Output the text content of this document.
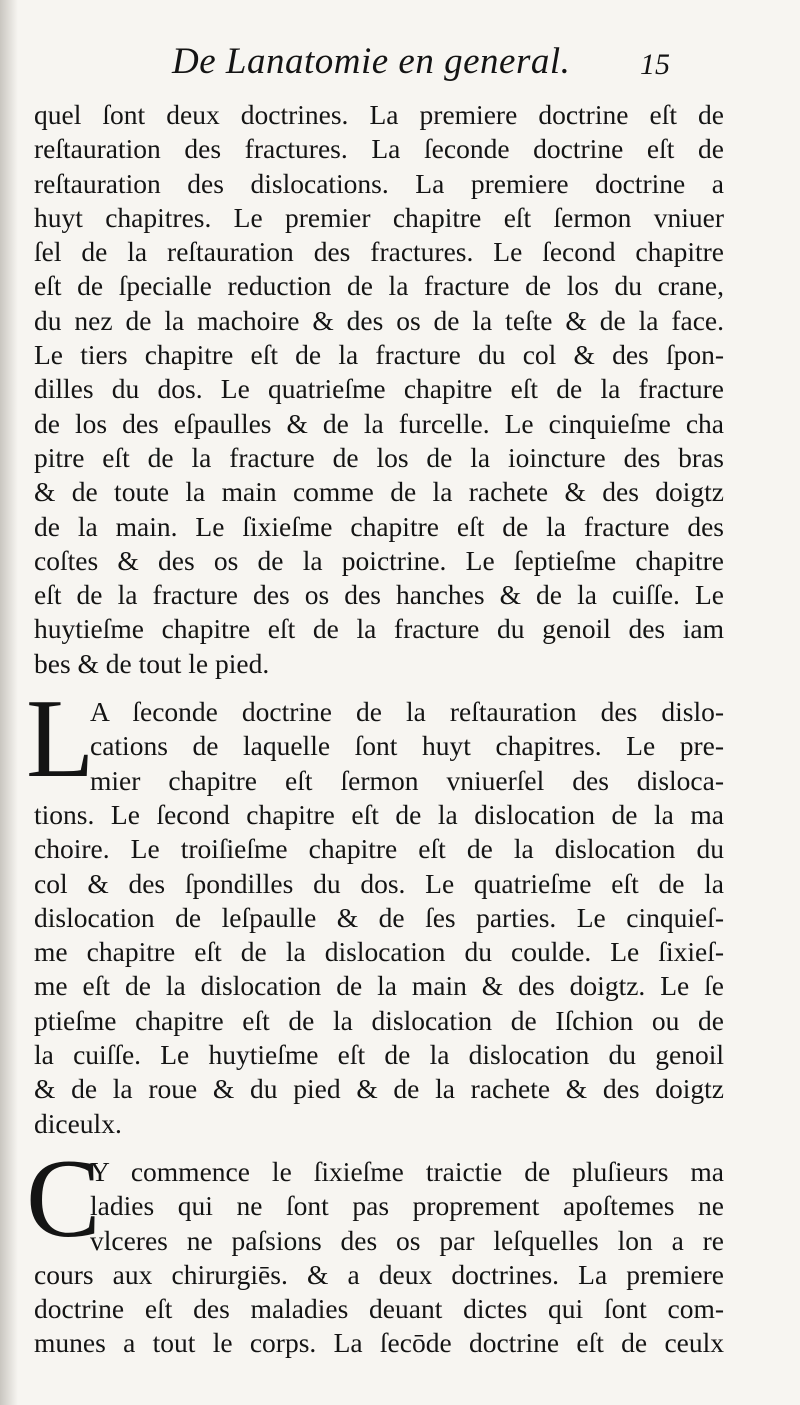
De Lanatomie en general. 15
quel ſont deux doctrines. La premiere doctrine eſt de
reſtauration des fractures. La ſeconde doctrine eſt de
reſtauration des dislocations. La premiere doctrine a
huyt chapitres. Le premier chapitre eſt ſermon vniuer
ſel de la reſtauration des fractures. Le ſecond chapitre
eſt de ſpecialle reduction de la fracture de los du crane,
du nez de la machoire & des os de la teſte & de la face.
Le tiers chapitre eſt de la fracture du col & des ſpon-
dilles du dos. Le quatrieſme chapitre eſt de la fracture
de los des eſpaulles & de la furcelle. Le cinquieſme cha
pitre eſt de la fracture de los de la ioincture des bras
& de toute la main comme de la rachete & des doigtz
de la main. Le ſixieſme chapitre eſt de la fracture des
coſtes & des os de la poictrine. Le ſeptieſme chapitre
eſt de la fracture des os des hanches & de la cuiſſe. Le
huytieſme chapitre eſt de la fracture du genoil des iam
bes & de tout le pied.
L
A ſeconde doctrine de la reſtauration des dislo-
cations de laquelle ſont huyt chapitres. Le pre-
mier chapitre eſt ſermon vniuerſel des disloca-
tions. Le ſecond chapitre eſt de la dislocation de la ma
choire. Le troiſieſme chapitre eſt de la dislocation du
col & des ſpondilles du dos. Le quatrieſme eſt de la
dislocation de leſpaulle & de ſes parties. Le cinquieſ-
me chapitre eſt de la dislocation du coulde. Le ſixieſ-
me eſt de la dislocation de la main & des doigtz. Le ſe
ptieſme chapitre eſt de la dislocation de Iſchion ou de
la cuiſſe. Le huytieſme eſt de la dislocation du genoil
& de la roue & du pied & de la rachete & des doigtz
diceulx.
C
Y commence le ſixieſme traictie de pluſieurs ma
ladies qui ne ſont pas proprement apoſtemes ne
vlceres ne paſsions des os par leſquelles lon a re
cours aux chirurgiēs. & a deux doctrines. La premiere
doctrine eſt des maladies deuant dictes qui ſont com-
munes a tout le corps. La ſecōde doctrine eſt de ceulx
